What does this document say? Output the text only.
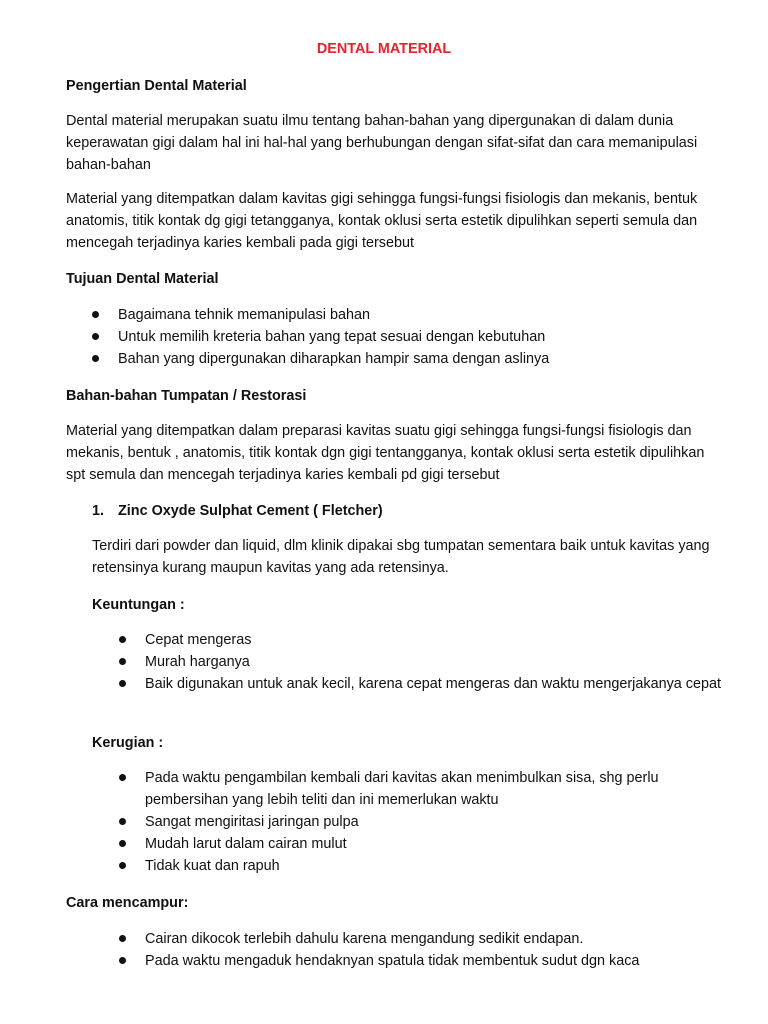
DENTAL MATERIAL
Pengertian Dental Material

Dental material merupakan suatu ilmu tentang bahan-bahan yang dipergunakan di dalam dunia keperawatan gigi dalam hal ini hal-hal yang berhubungan dengan sifat-sifat dan cara memanipulasi bahan-bahan

Material yang ditempatkan dalam kavitas gigi sehingga fungsi-fungsi fisiologis dan mekanis, bentuk anatomis, titik kontak dg gigi tetangganya, kontak oklusi serta estetik dipulihkan seperti semula dan mencegah terjadinya karies kembali pada gigi tersebut

Tujuan Dental Material
Bagaimana tehnik memanipulasi bahan
Untuk memilih kreteria bahan yang tepat sesuai dengan kebutuhan
Bahan yang dipergunakan diharapkan hampir sama dengan aslinya
Bahan-bahan Tumpatan / Restorasi

Material yang ditempatkan dalam preparasi kavitas suatu gigi sehingga fungsi-fungsi fisiologis dan mekanis, bentuk , anatomis, titik kontak dgn gigi tentangganya, kontak oklusi serta estetik dipulihkan spt semula dan mencegah terjadinya karies kembali pd gigi tersebut

1. Zinc Oxyde Sulphat Cement ( Fletcher)

Terdiri dari powder dan liquid, dlm klinik dipakai sbg tumpatan sementara baik untuk kavitas yang retensinya kurang maupun kavitas yang ada retensinya.

Keuntungan :
Cepat mengeras
Murah harganya
Baik digunakan untuk anak kecil, karena cepat mengeras dan waktu mengerjakanya cepat
Kerugian :
Pada waktu pengambilan kembali dari kavitas akan menimbulkan sisa, shg perlu pembersihan yang lebih teliti dan ini memerlukan waktu
Sangat mengiritasi jaringan pulpa
Mudah larut dalam cairan mulut
Tidak kuat dan rapuh
Cara mencampur:
Cairan dikocok terlebih dahulu karena mengandung sedikit endapan.
Pada waktu mengaduk hendaknyan spatula tidak membentuk sudut dgn kaca
